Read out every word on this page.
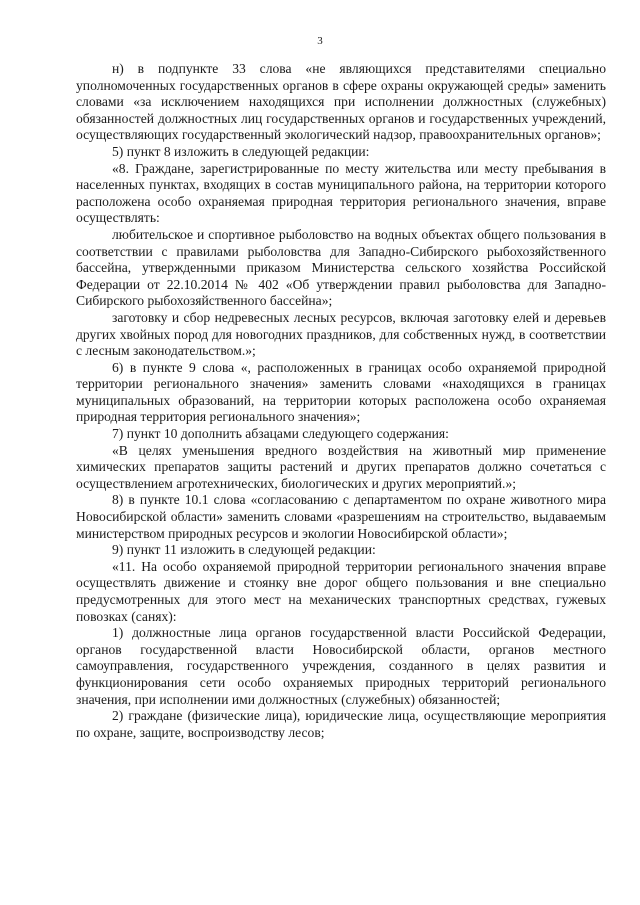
3

н) в подпункте 33 слова «не являющихся представителями специально уполномоченных государственных органов в сфере охраны окружающей среды» заменить словами «за исключением находящихся при исполнении должностных (служебных) обязанностей должностных лиц государственных органов и государственных учреждений, осуществляющих государственный экологический надзор, правоохранительных органов»;

5) пункт 8 изложить в следующей редакции:

«8. Граждане, зарегистрированные по месту жительства или месту пребывания в населенных пунктах, входящих в состав муниципального района, на территории которого расположена особо охраняемая природная территория регионального значения, вправе осуществлять:

любительское и спортивное рыболовство на водных объектах общего пользования в соответствии с правилами рыболовства для Западно-Сибирского рыбохозяйственного бассейна, утвержденными приказом Министерства сельского хозяйства Российской Федерации от 22.10.2014 № 402 «Об утверждении правил рыболовства для Западно-Сибирского рыбохозяйственного бассейна»;

заготовку и сбор недревесных лесных ресурсов, включая заготовку елей и деревьев других хвойных пород для новогодних праздников, для собственных нужд, в соответствии с лесным законодательством.»;

6) в пункте 9 слова «, расположенных в границах особо охраняемой природной территории регионального значения» заменить словами «находящихся в границах муниципальных образований, на территории которых расположена особо охраняемая природная территория регионального значения»;

7) пункт 10 дополнить абзацами следующего содержания:

«В целях уменьшения вредного воздействия на животный мир применение химических препаратов защиты растений и других препаратов должно сочетаться с осуществлением агротехнических, биологических и других мероприятий.»;

8) в пункте 10.1 слова «согласованию с департаментом по охране животного мира Новосибирской области» заменить словами «разрешениям на строительство, выдаваемым министерством природных ресурсов и экологии Новосибирской области»;

9) пункт 11 изложить в следующей редакции:

«11. На особо охраняемой природной территории регионального значения вправе осуществлять движение и стоянку вне дорог общего пользования и вне специально предусмотренных для этого мест на механических транспортных средствах, гужевых повозках (санях):

1) должностные лица органов государственной власти Российской Федерации, органов государственной власти Новосибирской области, органов местного самоуправления, государственного учреждения, созданного в целях развития и функционирования сети особо охраняемых природных территорий регионального значения, при исполнении ими должностных (служебных) обязанностей;

2) граждане (физические лица), юридические лица, осуществляющие мероприятия по охране, защите, воспроизводству лесов;
